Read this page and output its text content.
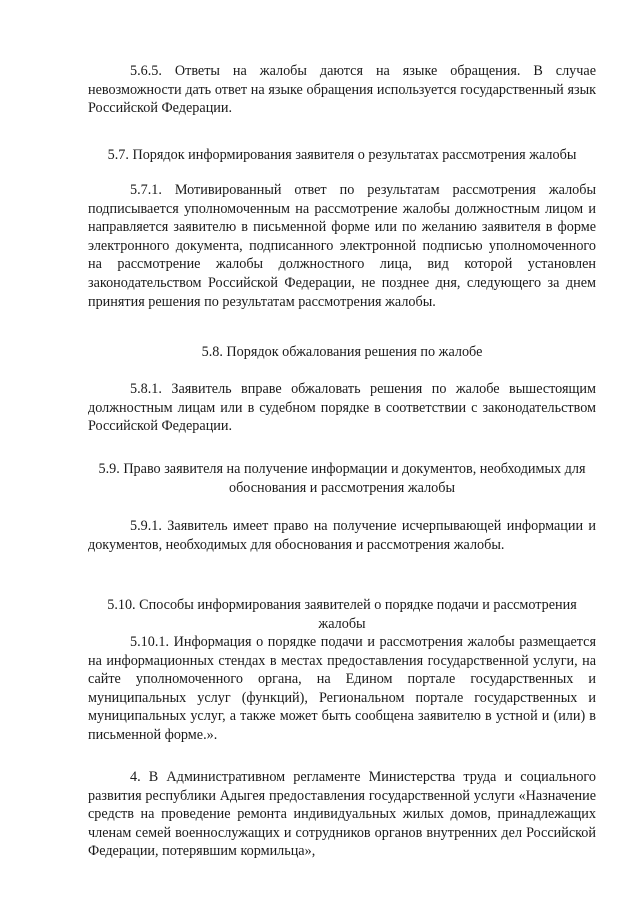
5.6.5. Ответы на жалобы даются на языке обращения. В случае невозможности дать ответ на языке обращения используется государственный язык Российской Федерации.

5.7. Порядок информирования заявителя о результатах рассмотрения жалобы

5.7.1. Мотивированный ответ по результатам рассмотрения жалобы подписывается уполномоченным на рассмотрение жалобы должностным лицом и направляется заявителю в письменной форме или по желанию заявителя в форме электронного документа, подписанного электронной подписью уполномоченного на рассмотрение жалобы должностного лица, вид которой установлен законодательством Российской Федерации, не позднее дня, следующего за днем принятия решения по результатам рассмотрения жалобы.

5.8. Порядок обжалования решения по жалобе

5.8.1. Заявитель вправе обжаловать решения по жалобе вышестоящим должностным лицам или в судебном порядке в соответствии с законодательством Российской Федерации.

5.9. Право заявителя на получение информации и документов, необходимых для обоснования и рассмотрения жалобы

5.9.1. Заявитель имеет право на получение исчерпывающей информации и документов, необходимых для обоснования и рассмотрения жалобы.

5.10. Способы информирования заявителей о порядке подачи и рассмотрения жалобы

5.10.1. Информация о порядке подачи и рассмотрения жалобы размещается на информационных стендах в местах предоставления государственной услуги, на сайте уполномоченного органа, на Едином портале государственных и муниципальных услуг (функций), Региональном портале государственных и муниципальных услуг, а также может быть сообщена заявителю в устной и (или) в письменной форме.».

4. В Административном регламенте Министерства труда и социального развития республики Адыгея предоставления государственной услуги «Назначение средств на проведение ремонта индивидуальных жилых домов, принадлежащих членам семей военнослужащих и сотрудников органов внутренних дел Российской Федерации, потерявшим кормильца»,
